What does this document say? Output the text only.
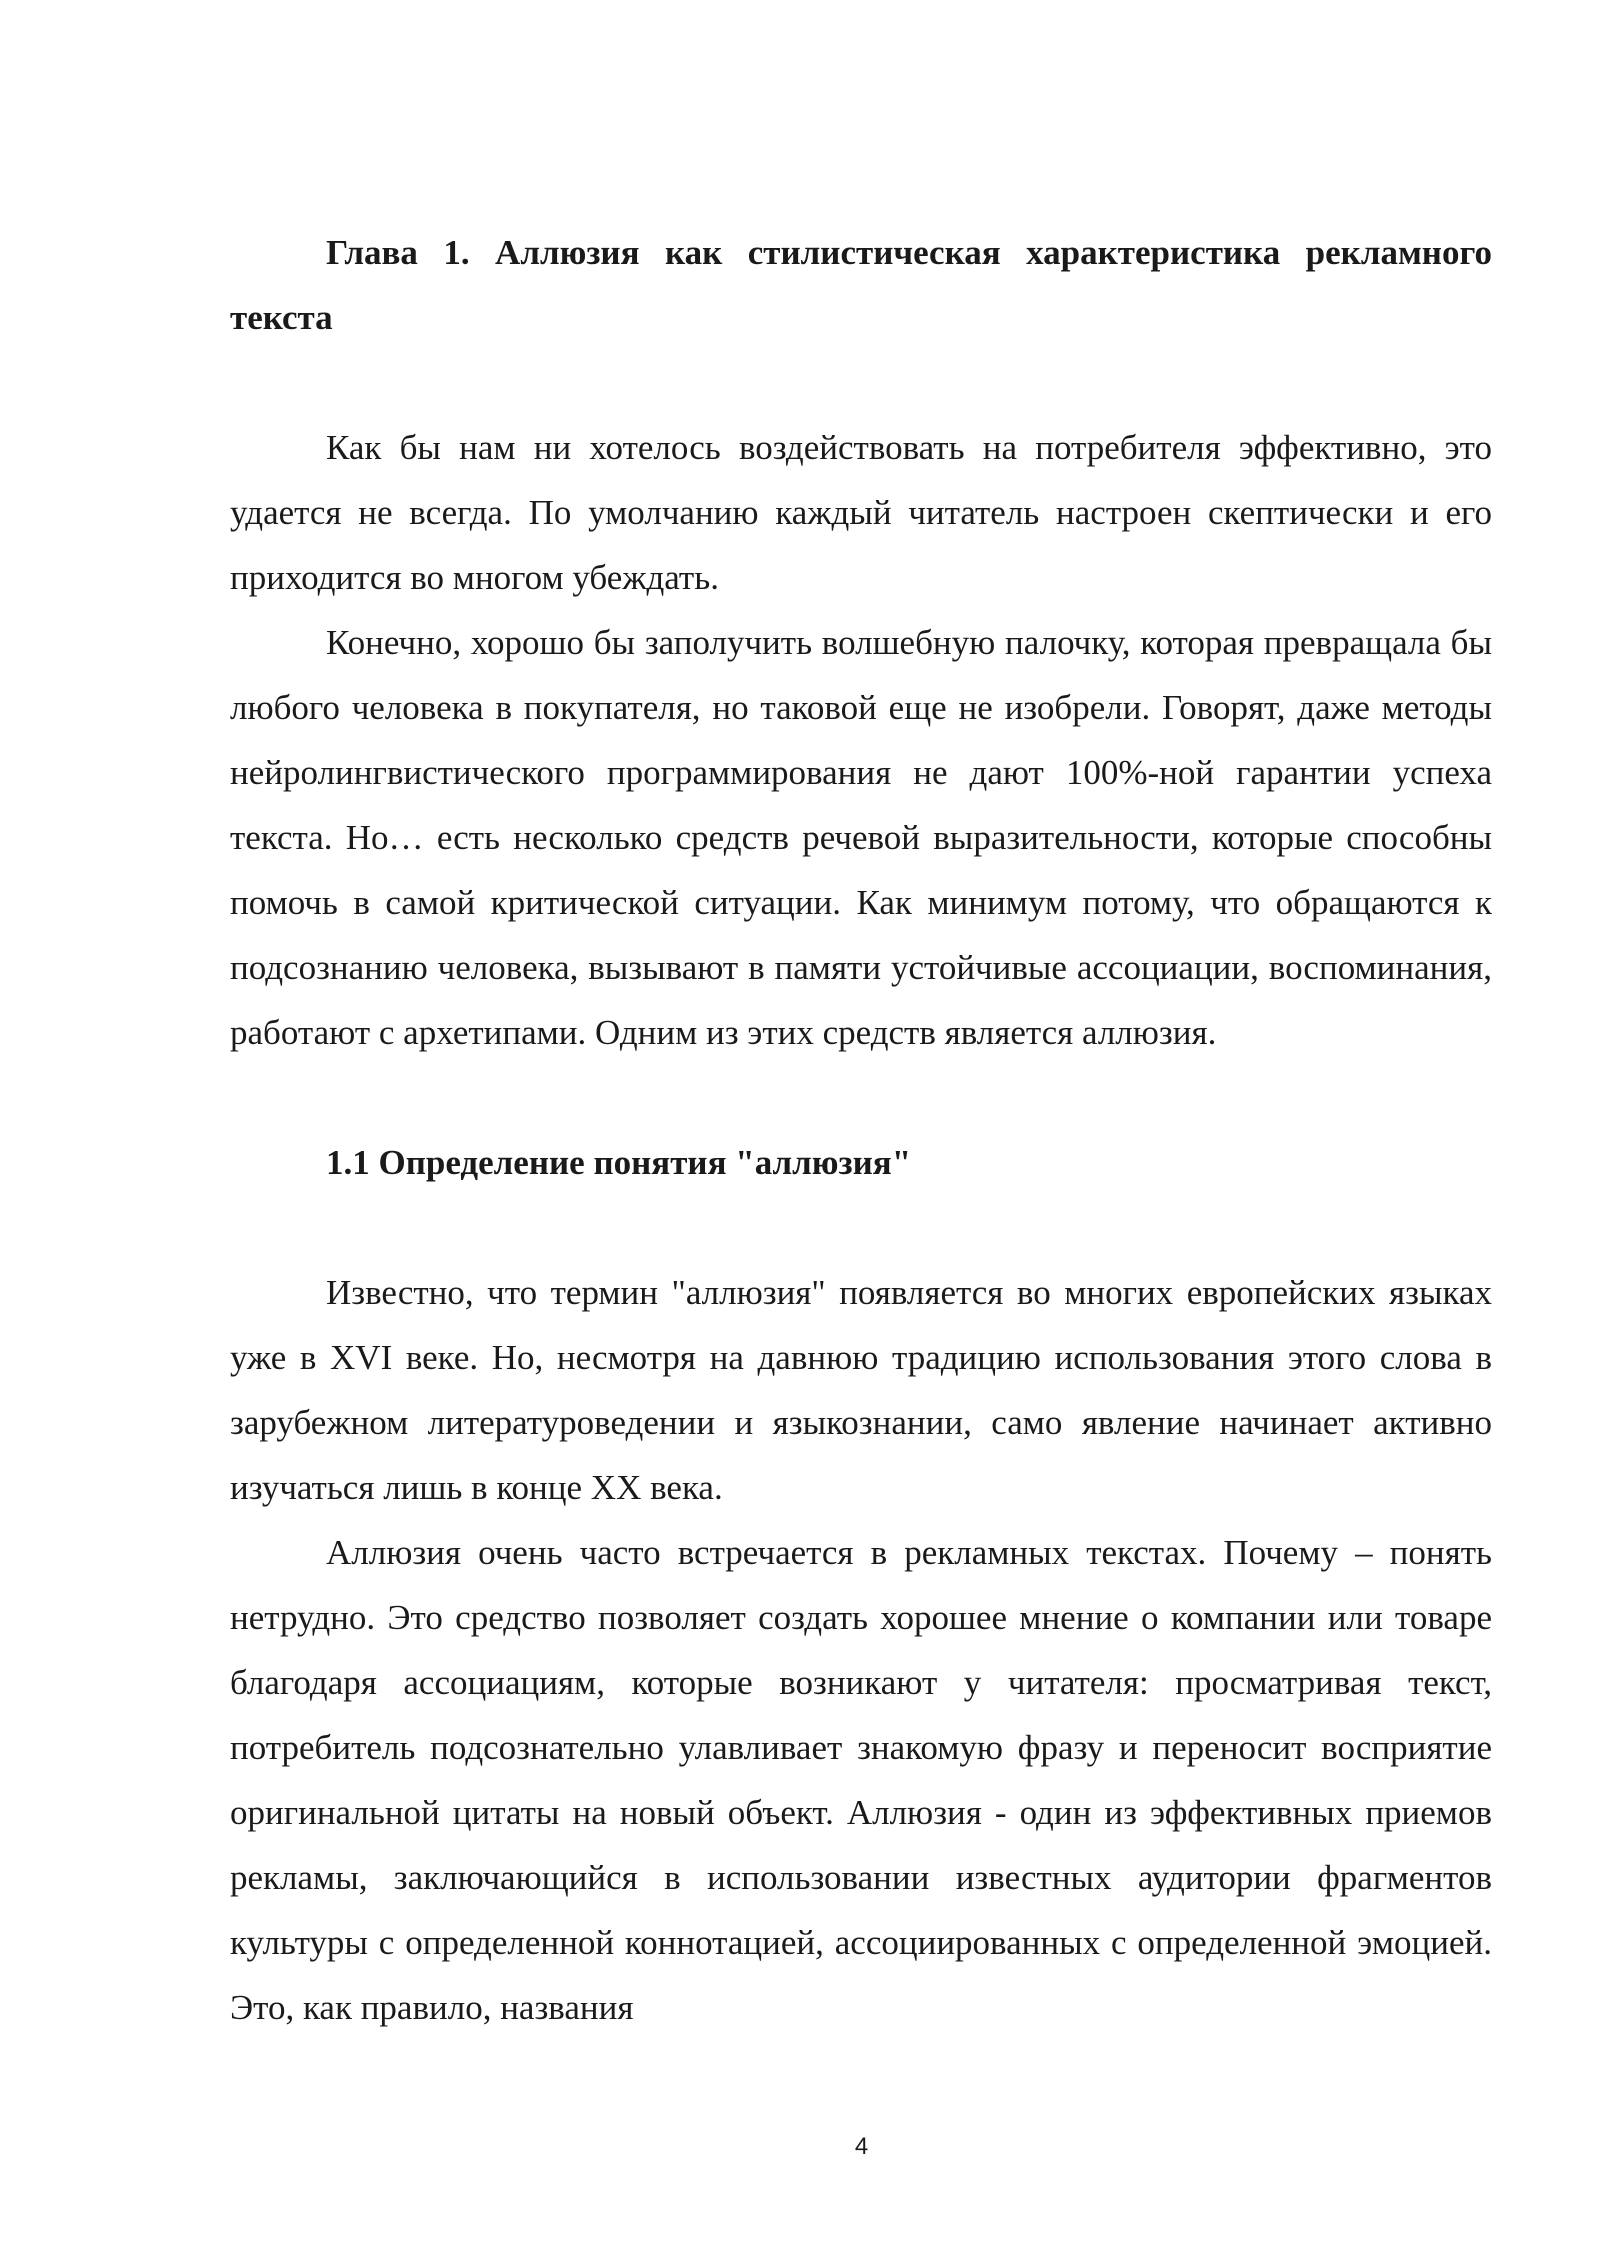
Глава 1. Аллюзия как стилистическая характеристика рекламного текста

Как бы нам ни хотелось воздействовать на потребителя эффективно, это удается не всегда. По умолчанию каждый читатель настроен скептически и его приходится во многом убеждать.

Конечно, хорошо бы заполучить волшебную палочку, которая превращала бы любого человека в покупателя, но таковой еще не изобрели. Говорят, даже методы нейролингвистического программирования не дают 100%-ной гарантии успеха текста. Но… есть несколько средств речевой выразительности, которые способны помочь в самой критической ситуации. Как минимум потому, что обращаются к подсознанию человека, вызывают в памяти устойчивые ассоциации, воспоминания, работают с архетипами. Одним из этих средств является аллюзия.

1.1 Определение понятия "аллюзия"

Известно, что термин "аллюзия" появляется во многих европейских языках уже в XVI веке. Но, несмотря на давнюю традицию использования этого слова в зарубежном литературоведении и языкознании, само явление начинает активно изучаться лишь в конце XX века.

Аллюзия очень часто встречается в рекламных текстах. Почему – понять нетрудно. Это средство позволяет создать хорошее мнение о компании или товаре благодаря ассоциациям, которые возникают у читателя: просматривая текст, потребитель подсознательно улавливает знакомую фразу и переносит восприятие оригинальной цитаты на новый объект. Аллюзия - один из эффективных приемов рекламы, заключающийся в использовании известных аудитории фрагментов культуры с определенной коннотацией, ассоциированных с определенной эмоцией. Это, как правило, названия

4
